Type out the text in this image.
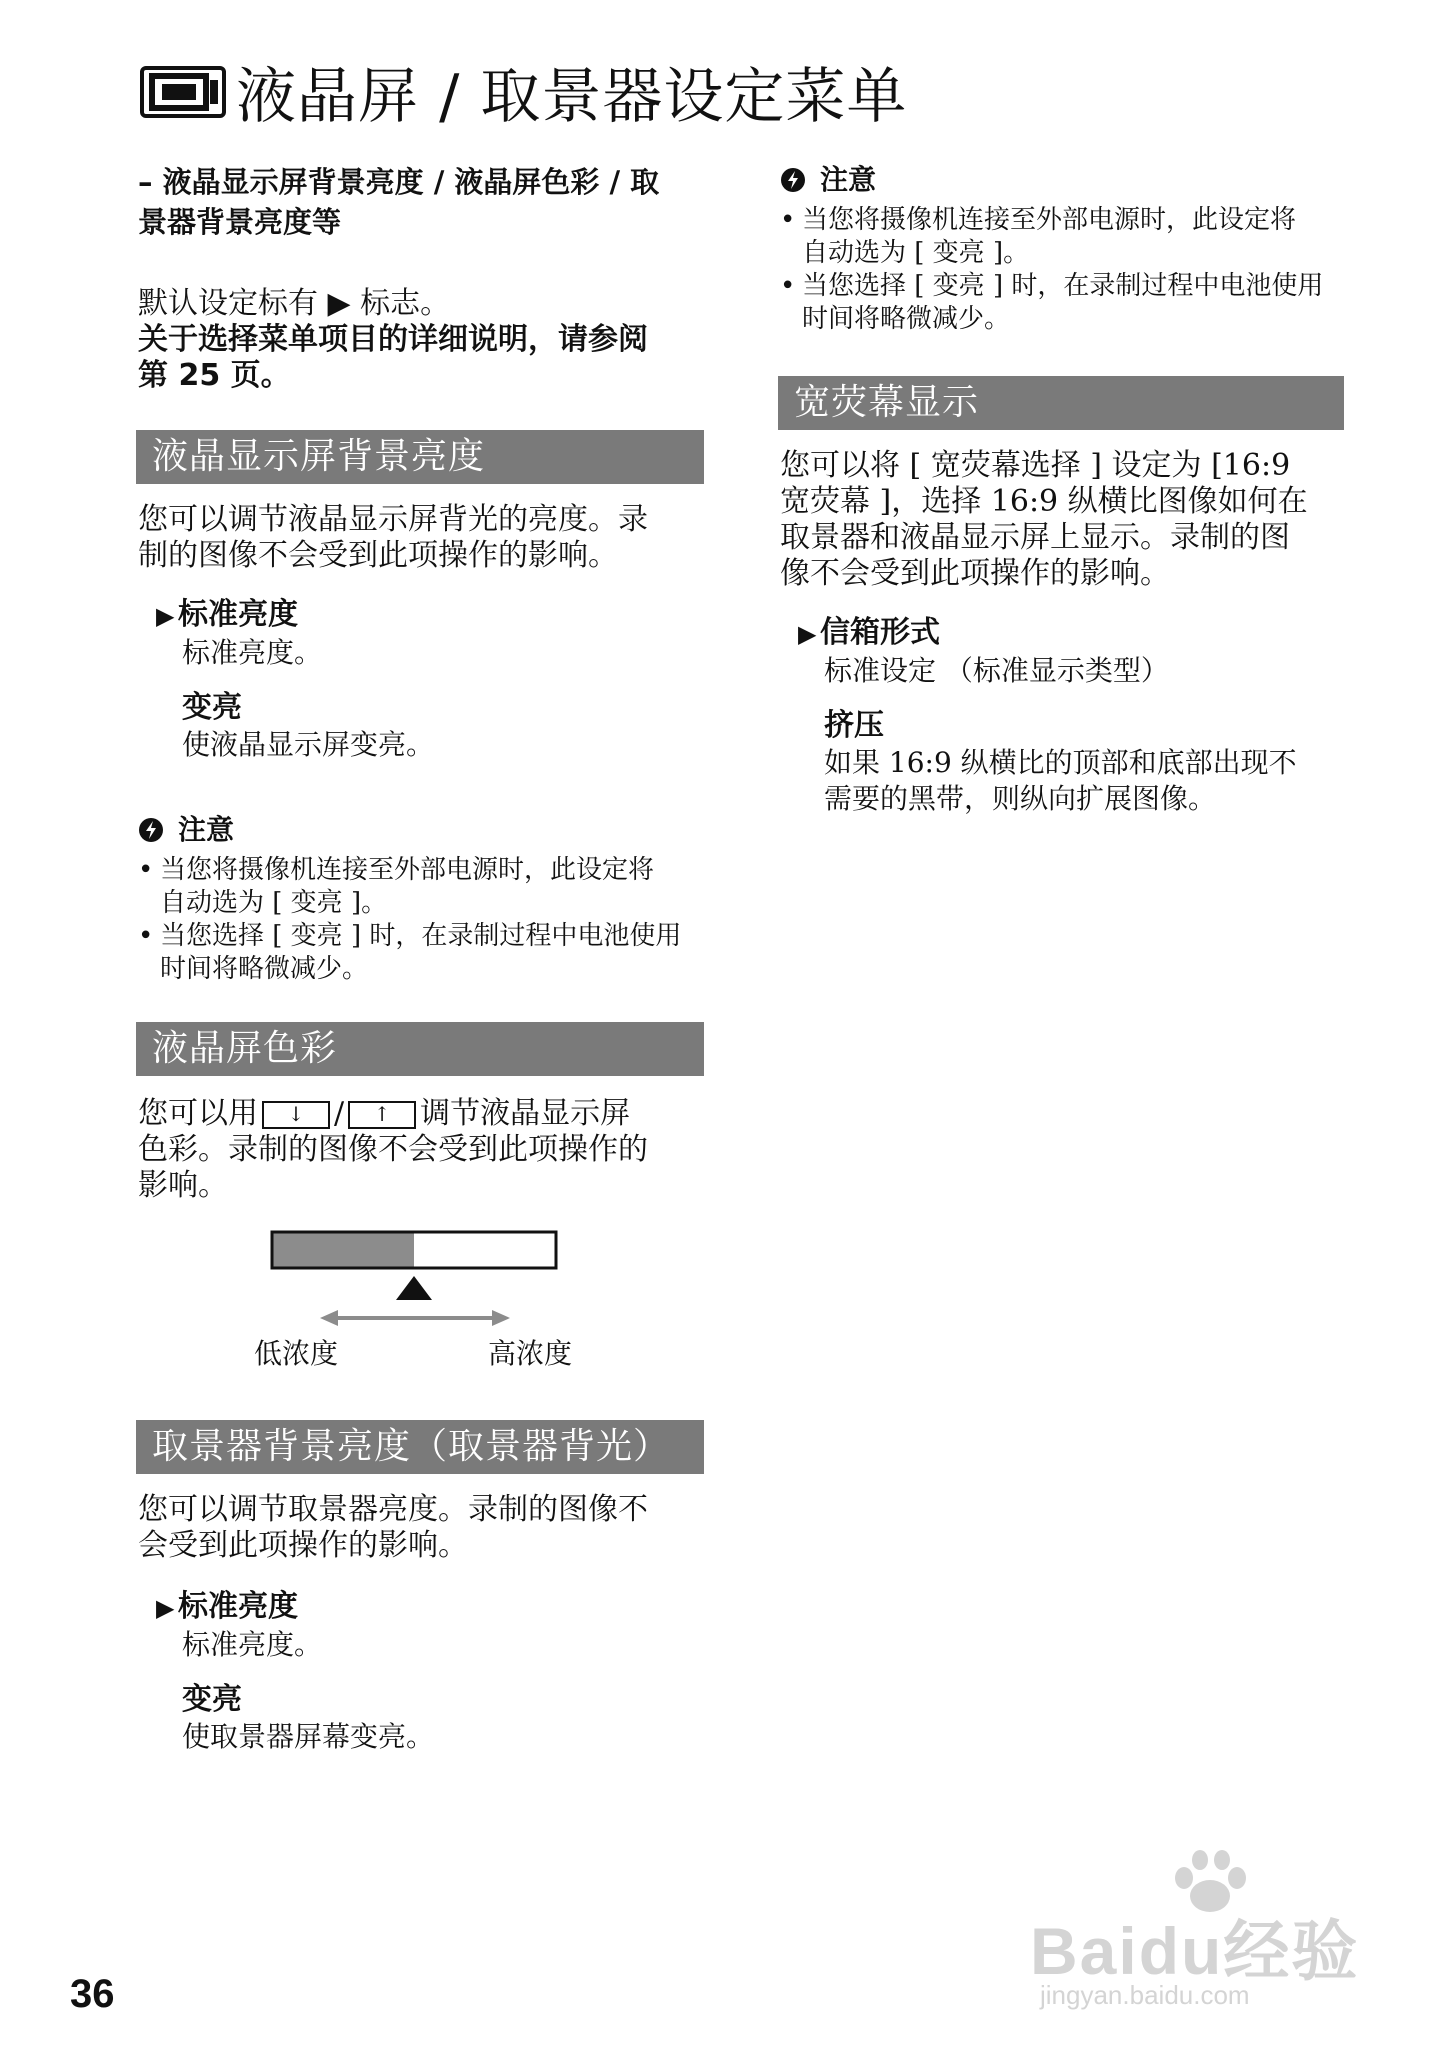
液晶屏 / 取景器设定菜单
– 液晶显示屏背景亮度 / 液晶屏色彩 / 取
景器背景亮度等
默认设定标有 ▶ 标志。
关于选择菜单项目的详细说明，请参阅
第 25 页。
液晶显示屏背景亮度
您可以调节液晶显示屏背光的亮度。录
制的图像不会受到此项操作的影响。
▶ 标准亮度
标准亮度。
变亮
使液晶显示屏变亮。
注意
• 当您将摄像机连接至外部电源时，此设定将
自动选为 [ 变亮 ]。
• 当您选择 [ 变亮 ] 时，在录制过程中电池使用
时间将略微减少。
液晶屏色彩
您可以用 ↓ / ↑ 调节液晶显示屏
色彩。录制的图像不会受到此项操作的
影响。
低浓度	高浓度
取景器背景亮度（取景器背光）
您可以调节取景器亮度。录制的图像不
会受到此项操作的影响。
▶ 标准亮度
标准亮度。
变亮
使取景器屏幕变亮。
注意
• 当您将摄像机连接至外部电源时，此设定将
自动选为 [ 变亮 ]。
• 当您选择 [ 变亮 ] 时，在录制过程中电池使用
时间将略微减少。
宽荧幕显示
您可以将 [ 宽荧幕选择 ] 设定为 [16:9
宽荧幕 ]，选择 16:9 纵横比图像如何在
取景器和液晶显示屏上显示。录制的图
像不会受到此项操作的影响。
▶ 信箱形式
标准设定 （标准显示类型）
挤压
如果 16:9 纵横比的顶部和底部出现不
需要的黑带，则纵向扩展图像。
36
Baidu经验
jingyan.baidu.com
